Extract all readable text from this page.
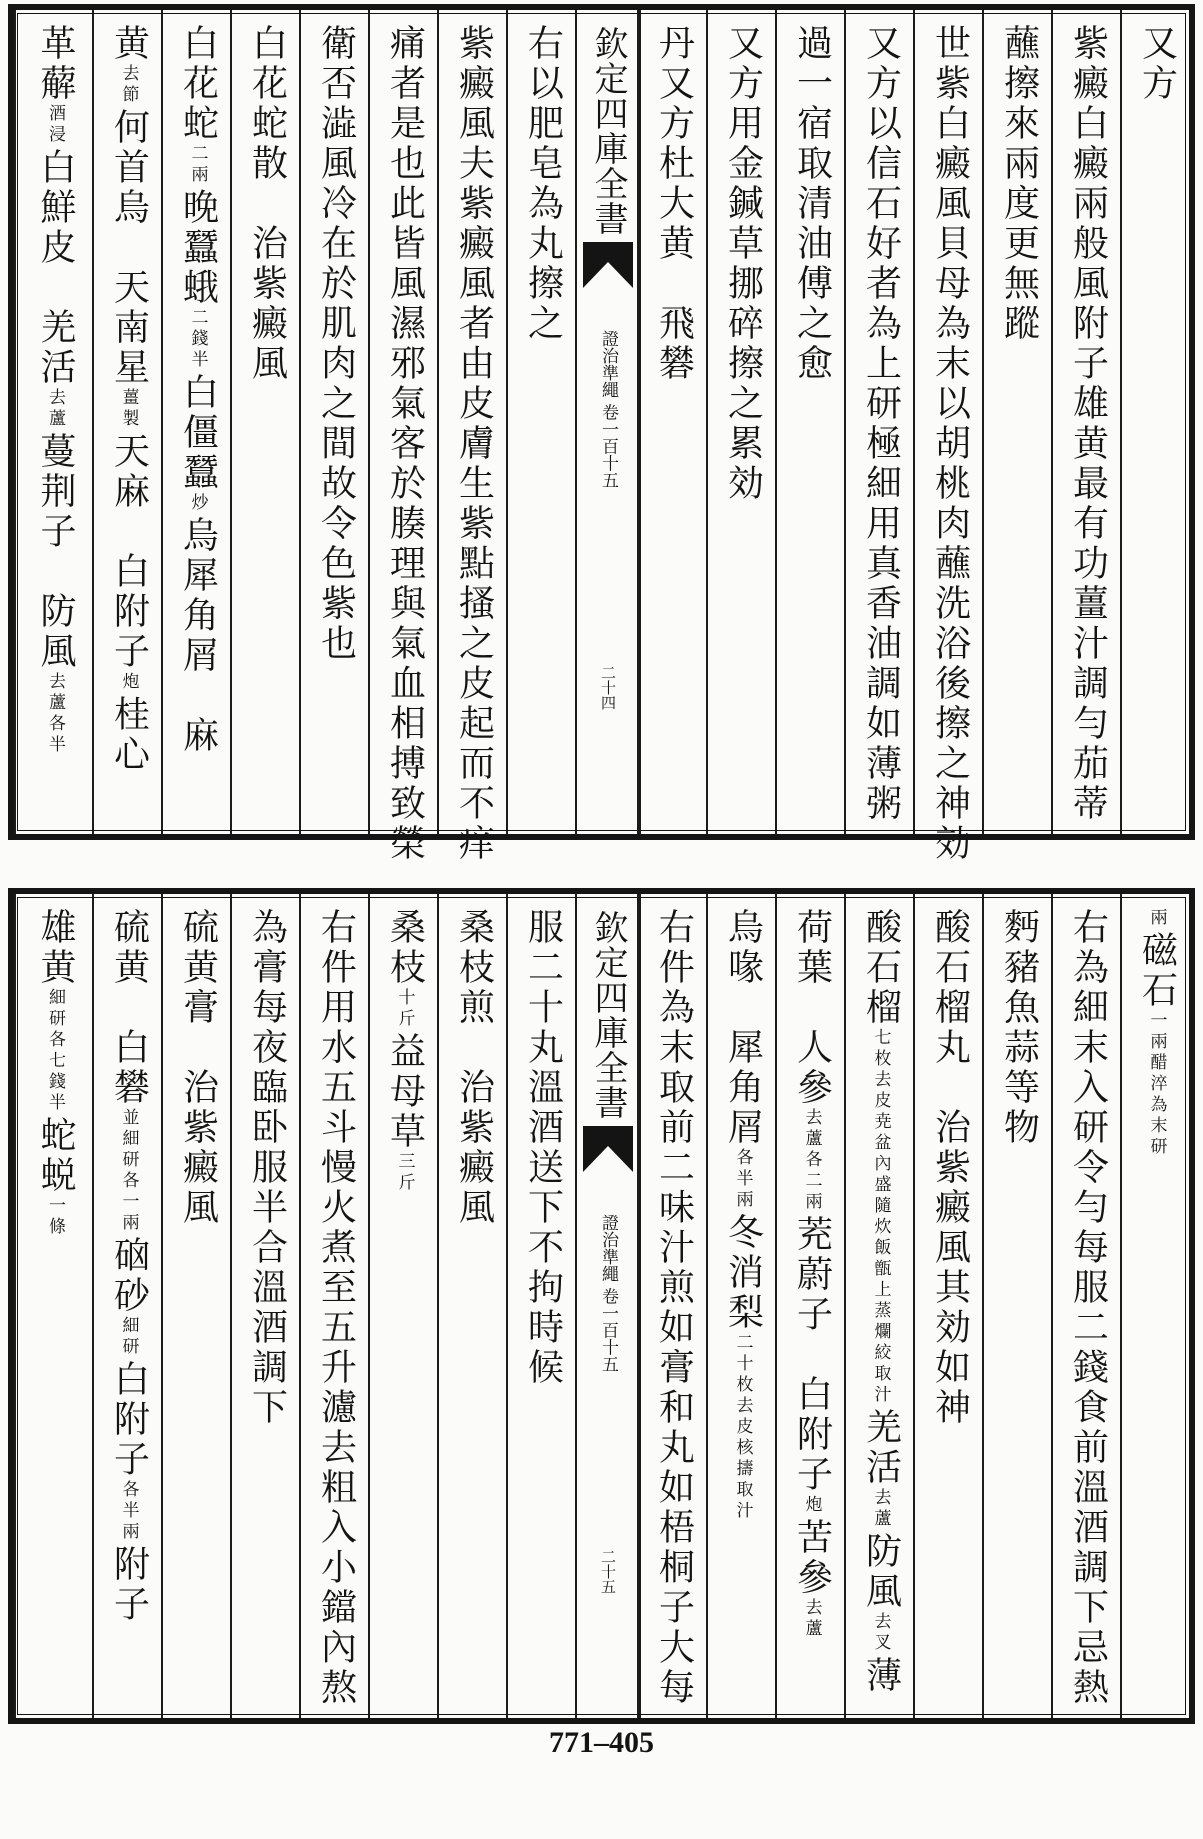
又方
紫癜白癜兩般風附子雄黄最有功薑汁調勻茄蒂
蘸擦來兩度更無蹤
世紫白癜風貝母為末以胡桃肉蘸洗浴後擦之神効
又方以信石好者為上研極細用真香油調如薄粥
過一宿取清油傅之愈
又方用金鍼草挪碎擦之累効
丹又方杜大黄　飛礬
欽定四庫全書
證治準繩 卷一百十五
二十四
右以肥皂為丸擦之
紫癜風夫紫癜風者由皮膚生紫點搔之皮起而不痒
痛者是也此皆風濕邪氣客於腠理與氣血相搏致榮
衛否澁風冷在於肌肉之間故令色紫也
白花蛇散　治紫癜風
白花蛇二兩晚蠶蛾二錢半白僵蠶炒烏犀角屑　麻
黄去節何首烏　天南星薑製天麻　白附子炮桂心
革薢酒浸白鮮皮　羌活去蘆蔓荆子　防風去蘆各半
兩磁石一兩醋淬為末研
右為細末入研令勻每服二錢食前溫酒調下忌熱
麪豬魚蒜等物
酸石榴丸　治紫癜風其効如神
酸石榴七枚去皮尭盆內盛隨炊飯甑上蒸爛絞取汁羌活去蘆防風去叉薄
荷葉　人參去蘆各二兩茺蔚子　白附子炮苦參去蘆
烏喙　犀角屑各半兩冬消梨二十枚去皮核擣取汁
右件為末取前二味汁煎如膏和丸如梧桐子大每
欽定四庫全書
證治準繩 卷一百十五
二十五
服二十丸溫酒送下不拘時候
桑枝煎　治紫癜風
桑枝十斤益母草三斤
右件用水五斗慢火煮至五升濾去粗入小鐺內熬
為膏每夜臨卧服半合溫酒調下
硫黄膏　治紫癜風
硫黄　白礬並細研各一兩硇砂細研白附子各半兩附子
雄黄細研各七錢半蛇蜕一條
771–405
